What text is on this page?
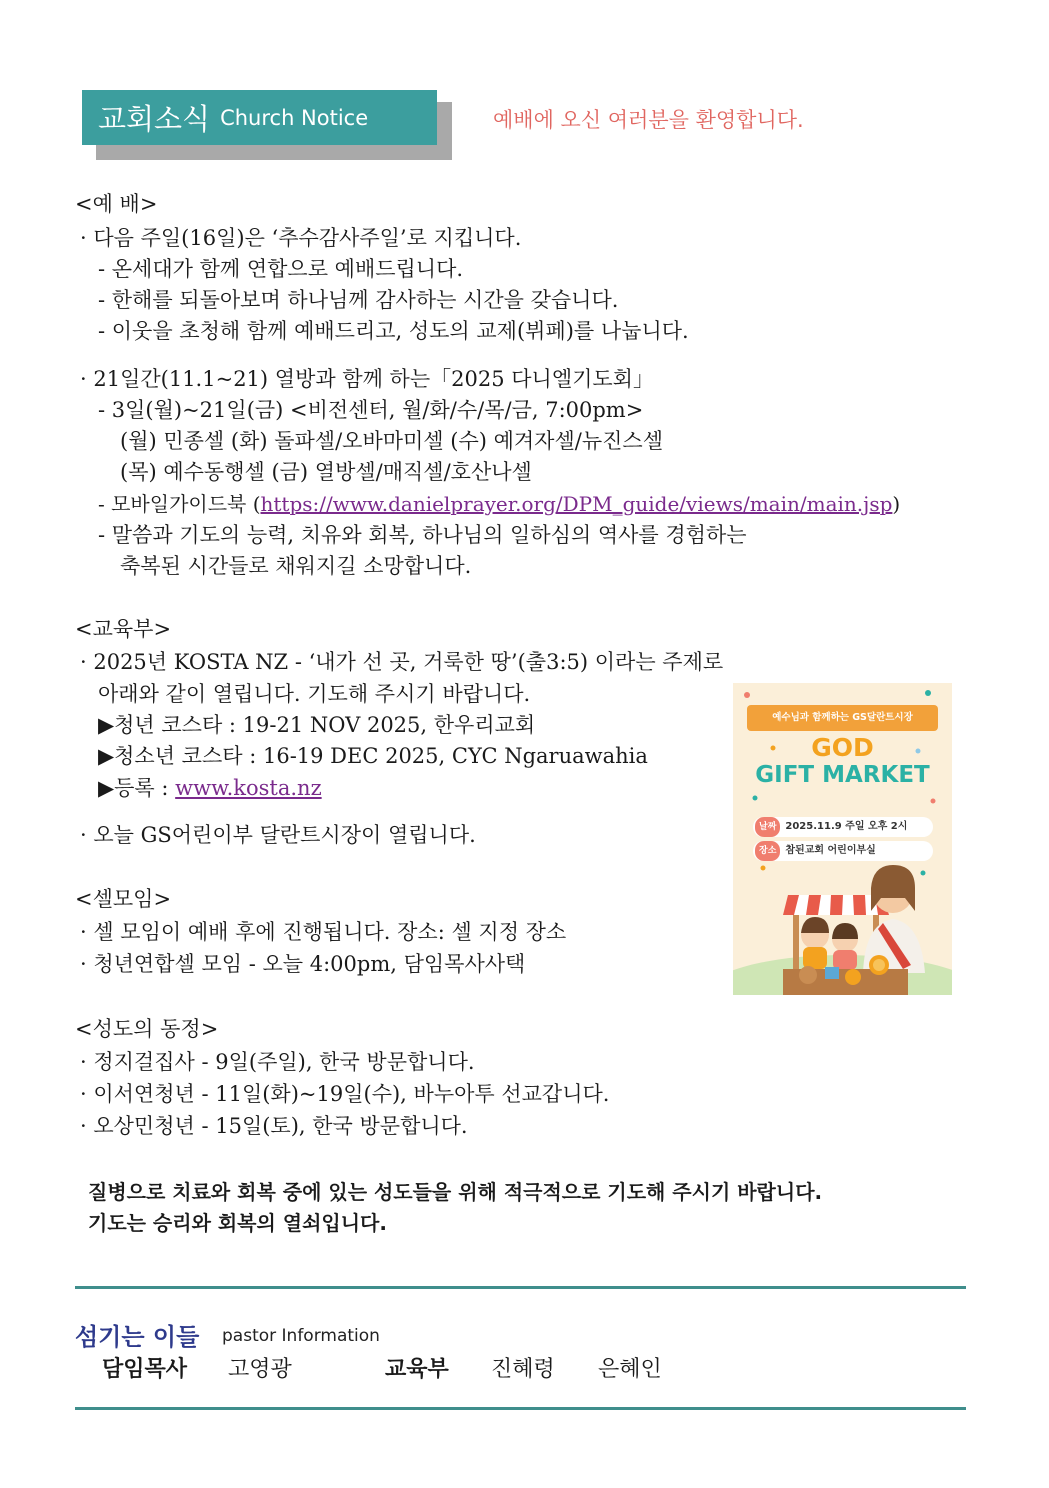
교회소식 Church Notice	예배에 오신 여러분을 환영합니다.
<예 배>
· 다음 주일(16일)은 ‘추수감사주일’로 지킵니다.
- 온세대가 함께 연합으로 예배드립니다.
- 한해를 되돌아보며 하나님께 감사하는 시간을 갖습니다.
- 이웃을 초청해 함께 예배드리고, 성도의 교제(뷔페)를 나눕니다.
· 21일간(11.1~21) 열방과 함께 하는「2025 다니엘기도회」
- 3일(월)~21일(금) <비전센터, 월/화/수/목/금, 7:00pm>
(월) 민종셀 (화) 돌파셀/오바마미셀 (수) 예겨자셀/뉴진스셀
(목) 예수동행셀 (금) 열방셀/매직셀/호산나셀
- 모바일가이드북 (https://www.danielprayer.org/DPM_guide/views/main/main.jsp)
- 말씀과 기도의 능력, 치유와 회복, 하나님의 일하심의 역사를 경험하는
축복된 시간들로 채워지길 소망합니다.
<교육부>
· 2025년 KOSTA NZ - ‘내가 선 곳, 거룩한 땅’(출3:5) 이라는 주제로
아래와 같이 열립니다. 기도해 주시기 바랍니다.
▶청년 코스타 : 19-21 NOV 2025, 한우리교회
▶청소년 코스타 : 16-19 DEC 2025, CYC Ngaruawahia
▶등록 : www.kosta.nz
· 오늘 GS어린이부 달란트시장이 열립니다.
예수님과 함께하는 GS달란트시장
GOD
GIFT MARKET
날짜 2025.11.9 주일 오후 2시
장소 참된교회 어린이부실
<셀모임>
· 셀 모임이 예배 후에 진행됩니다. 장소: 셀 지정 장소
· 청년연합셀 모임 - 오늘 4:00pm, 담임목사사택
<성도의 동정>
· 정지걸집사 - 9일(주일), 한국 방문합니다.
· 이서연청년 - 11일(화)~19일(수), 바누아투 선교갑니다.
· 오상민청년 - 15일(토), 한국 방문합니다.
질병으로 치료와 회복 중에 있는 성도들을 위해 적극적으로 기도해 주시기 바랍니다.
기도는 승리와 회복의 열쇠입니다.
섬기는 이들 pastor Information
담임목사 고영광	교육부 진혜령 은혜인
